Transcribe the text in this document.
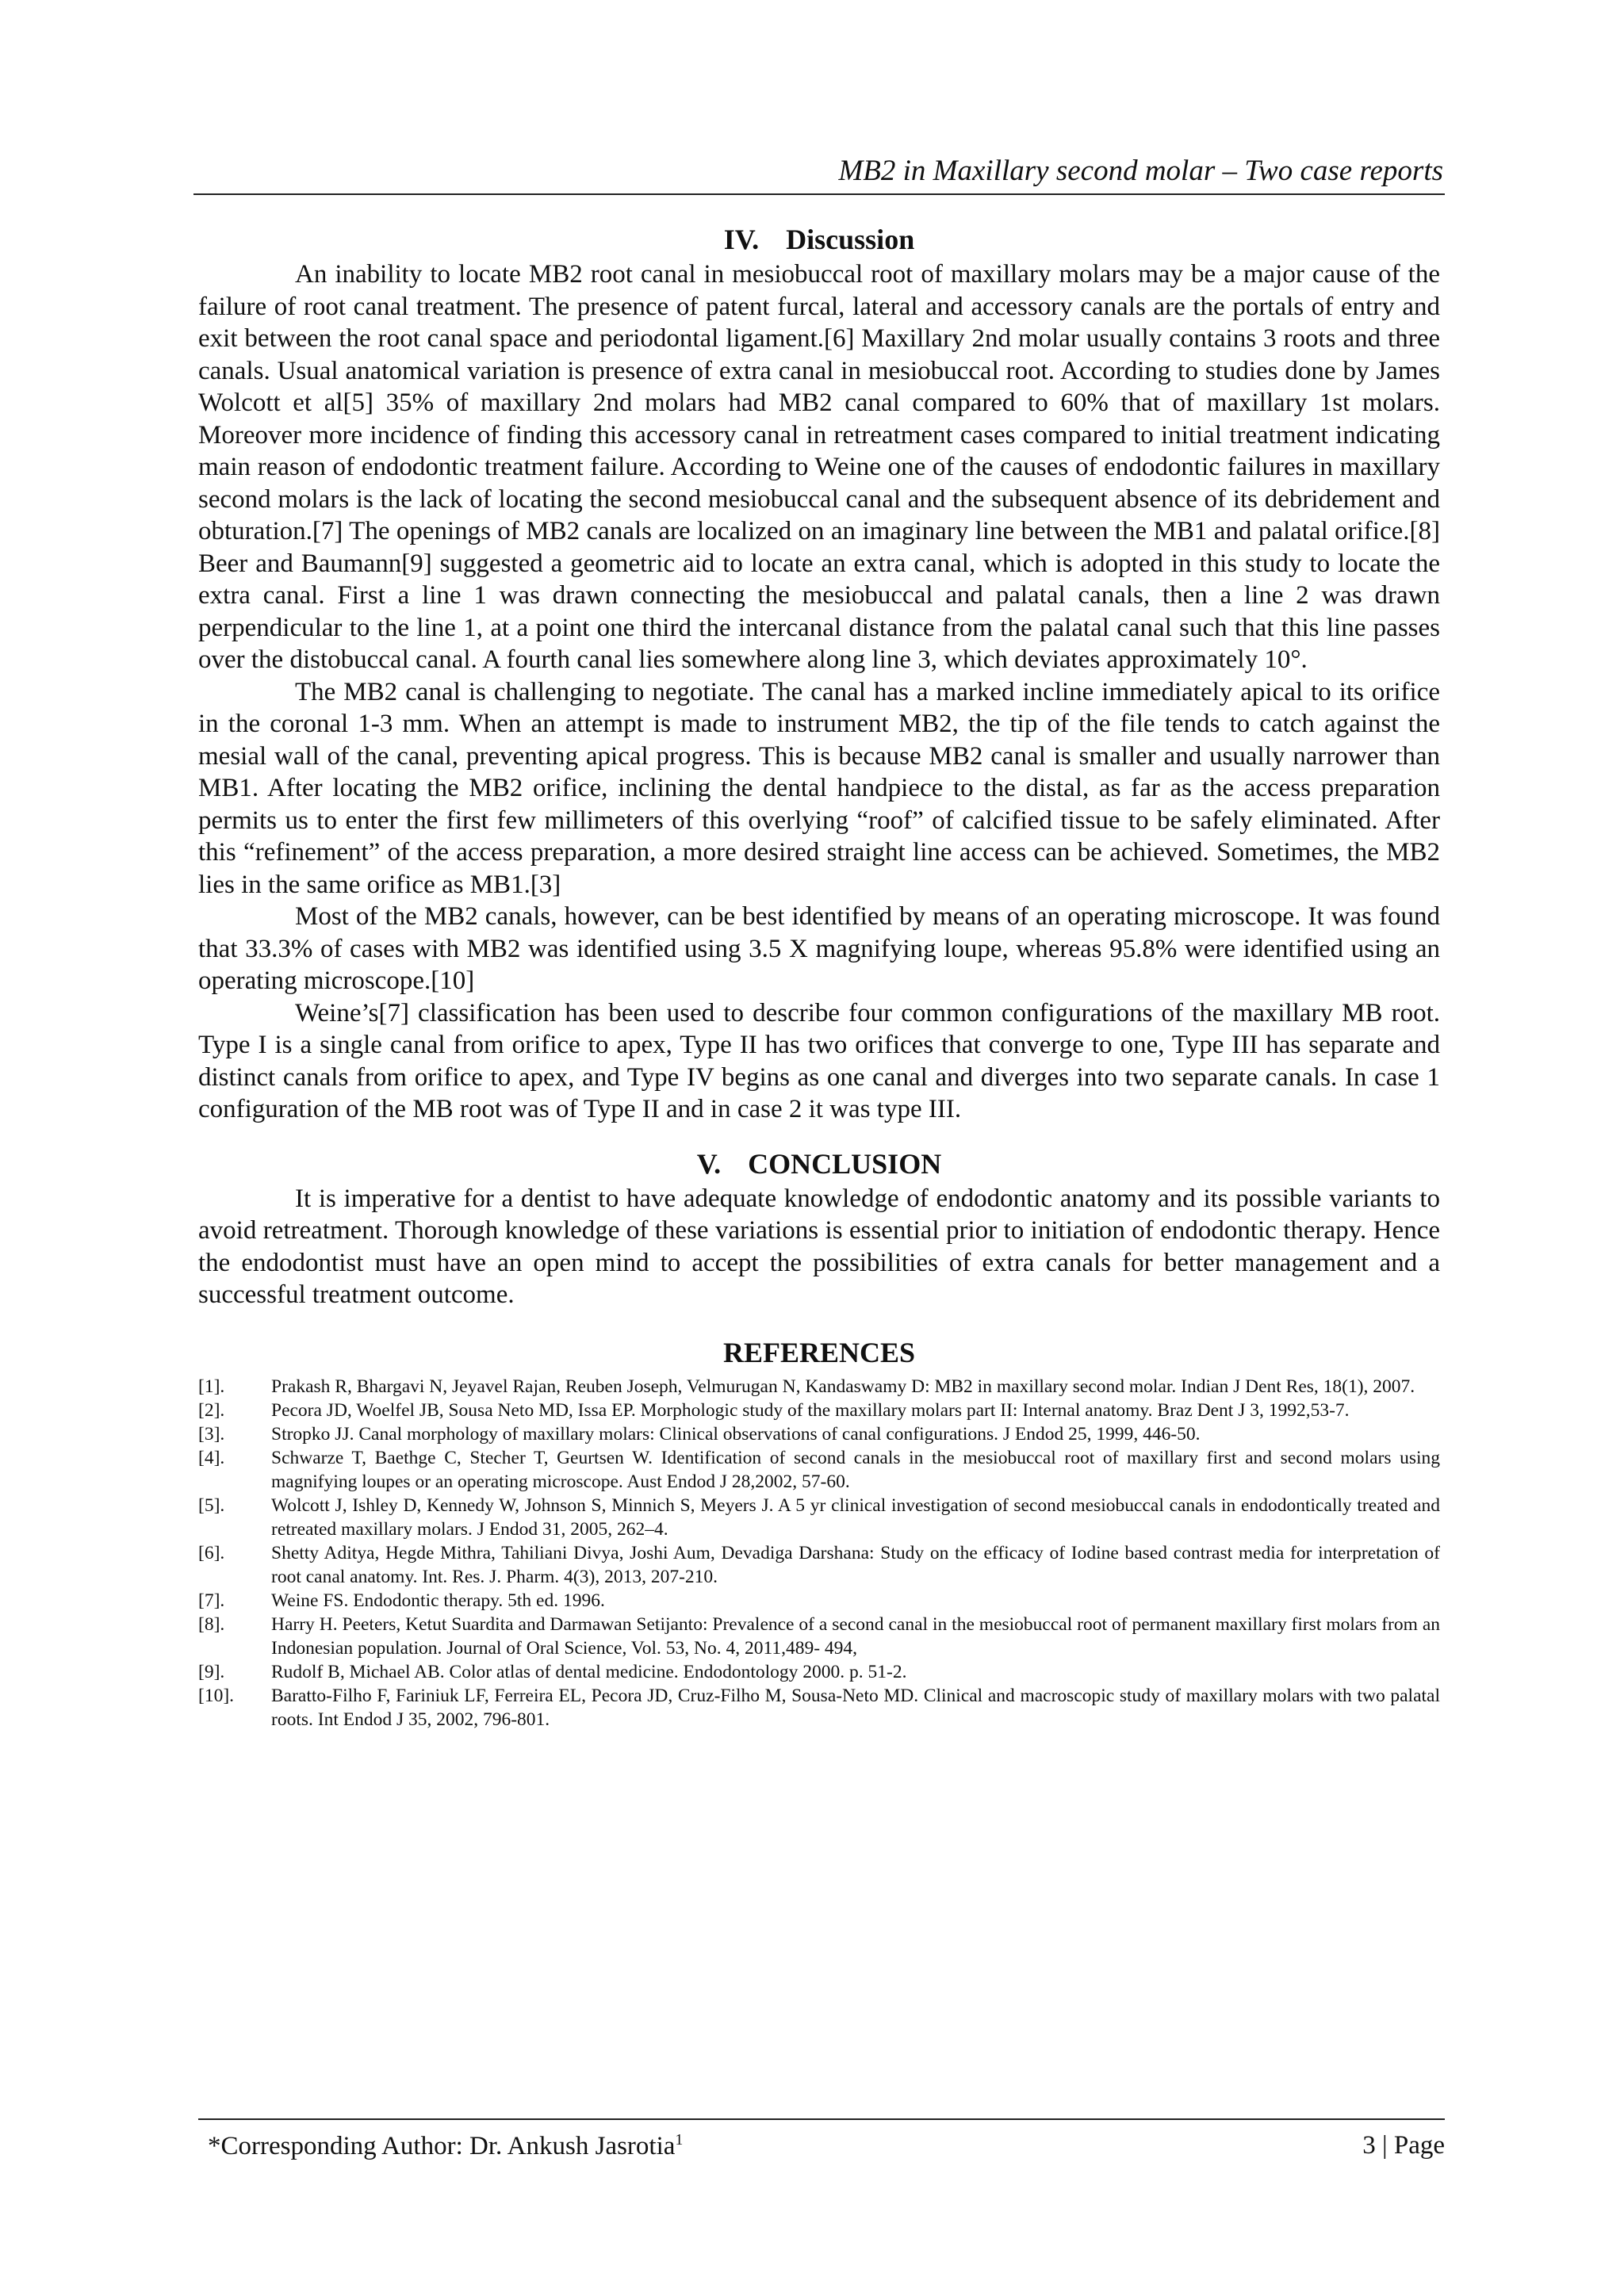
MB2 in Maxillary second molar – Two case reports
IV. Discussion

An inability to locate MB2 root canal in mesiobuccal root of maxillary molars may be a major cause of the failure of root canal treatment. The presence of patent furcal, lateral and accessory canals are the portals of entry and exit between the root canal space and periodontal ligament.[6] Maxillary 2nd molar usually contains 3 roots and three canals. Usual anatomical variation is presence of extra canal in mesiobuccal root. According to studies done by James Wolcott et al[5] 35% of maxillary 2nd molars had MB2 canal compared to 60% that of maxillary 1st molars. Moreover more incidence of finding this accessory canal in retreatment cases compared to initial treatment indicating main reason of endodontic treatment failure. According to Weine one of the causes of endodontic failures in maxillary second molars is the lack of locating the second mesiobuccal canal and the subsequent absence of its debridement and obturation.[7] The openings of MB2 canals are localized on an imaginary line between the MB1 and palatal orifice.[8] Beer and Baumann[9] suggested a geometric aid to locate an extra canal, which is adopted in this study to locate the extra canal. First a line 1 was drawn connecting the mesiobuccal and palatal canals, then a line 2 was drawn perpendicular to the line 1, at a point one third the intercanal distance from the palatal canal such that this line passes over the distobuccal canal. A fourth canal lies somewhere along line 3, which deviates approximately 10°.

The MB2 canal is challenging to negotiate. The canal has a marked incline immediately apical to its orifice in the coronal 1-3 mm. When an attempt is made to instrument MB2, the tip of the file tends to catch against the mesial wall of the canal, preventing apical progress. This is because MB2 canal is smaller and usually narrower than MB1. After locating the MB2 orifice, inclining the dental handpiece to the distal, as far as the access preparation permits us to enter the first few millimeters of this overlying “roof” of calcified tissue to be safely eliminated. After this “refinement” of the access preparation, a more desired straight line access can be achieved. Sometimes, the MB2 lies in the same orifice as MB1.[3]

Most of the MB2 canals, however, can be best identified by means of an operating microscope. It was found that 33.3% of cases with MB2 was identified using 3.5 X magnifying loupe, whereas 95.8% were identified using an operating microscope.[10]

Weine’s[7] classification has been used to describe four common configurations of the maxillary MB root. Type I is a single canal from orifice to apex, Type II has two orifices that converge to one, Type III has separate and distinct canals from orifice to apex, and Type IV begins as one canal and diverges into two separate canals. In case 1 configuration of the MB root was of Type II and in case 2 it was type III.

V. CONCLUSION

It is imperative for a dentist to have adequate knowledge of endodontic anatomy and its possible variants to avoid retreatment. Thorough knowledge of these variations is essential prior to initiation of endodontic therapy. Hence the endodontist must have an open mind to accept the possibilities of extra canals for better management and a successful treatment outcome.

REFERENCES
[1].	Prakash R, Bhargavi N, Jeyavel Rajan, Reuben Joseph, Velmurugan N, Kandaswamy D: MB2 in maxillary second molar. Indian J Dent Res, 18(1), 2007.
[2].	Pecora JD, Woelfel JB, Sousa Neto MD, Issa EP. Morphologic study of the maxillary molars part II: Internal anatomy. Braz Dent J 3, 1992,53-7.
[3].	Stropko JJ. Canal morphology of maxillary molars: Clinical observations of canal configurations. J Endod 25, 1999, 446-50.
[4].	Schwarze T, Baethge C, Stecher T, Geurtsen W. Identification of second canals in the mesiobuccal root of maxillary first and second molars using magnifying loupes or an operating microscope. Aust Endod J 28,2002, 57-60.
[5].	Wolcott J, Ishley D, Kennedy W, Johnson S, Minnich S, Meyers J. A 5 yr clinical investigation of second mesiobuccal canals in endodontically treated and retreated maxillary molars. J Endod 31, 2005, 262–4.
[6].	Shetty Aditya, Hegde Mithra, Tahiliani Divya, Joshi Aum, Devadiga Darshana: Study on the efficacy of Iodine based contrast media for interpretation of root canal anatomy. Int. Res. J. Pharm. 4(3), 2013, 207-210.
[7].	Weine FS. Endodontic therapy. 5th ed. 1996.
[8].	Harry H. Peeters, Ketut Suardita and Darmawan Setijanto: Prevalence of a second canal in the mesiobuccal root of permanent maxillary first molars from an Indonesian population. Journal of Oral Science, Vol. 53, No. 4, 2011,489- 494,
[9].	Rudolf B, Michael AB. Color atlas of dental medicine. Endodontology 2000. p. 51-2.
[10].	Baratto-Filho F, Fariniuk LF, Ferreira EL, Pecora JD, Cruz-Filho M, Sousa-Neto MD. Clinical and macroscopic study of maxillary molars with two palatal roots. Int Endod J 35, 2002, 796-801.
*Corresponding Author: Dr. Ankush Jasrotia$^1$	3 | Page
